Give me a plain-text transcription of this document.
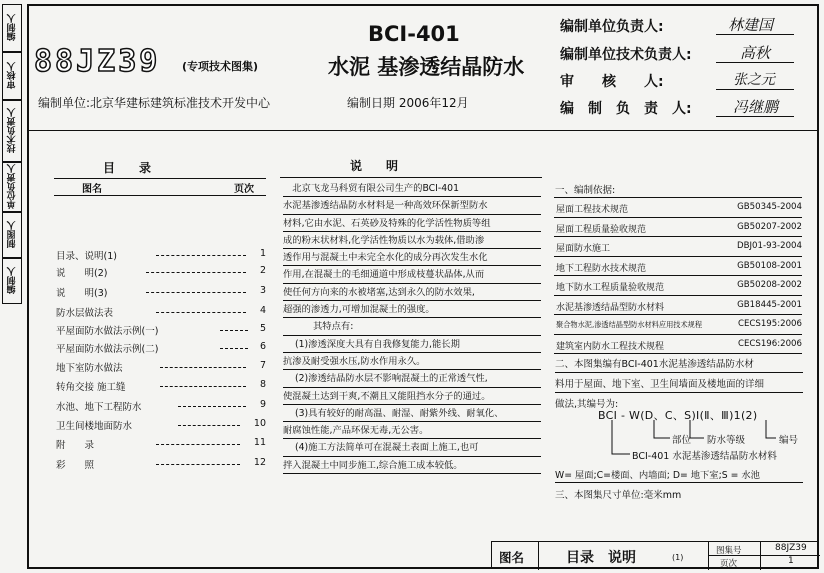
编制人
审核人
技术负责人
单位负责人
制图人
编制人
88JZ39 (专项技术图集)
BCⅠ-401
水泥 基渗透结晶防水
编制单位:北京华建标建筑标准技术开发中心	编制日期 2006年12月
编制单位负责人:	林建国
编制单位技术负责人:	高秋
审　　核　　人:	张之元
编　制　负　责　人:	冯继鹏
目　　录
图名	页次
目录、说明(1)	1
说　　明(2)	2
说　　明(3)	3
防水层做法表	4
平屋面防水做法示例(一)	5
平屋面防水做法示例(二)	6
地下室防水做法	7
转角交接 施工缝	8
水池、地下工程防水	9
卫生间楼地面防水	10
附　　录	11
彩　　照	12
说　　明
　北京飞龙马科贸有限公司生产的BCI-401
水泥基渗透结晶防水材料是一种高效环保新型防水
材料,它由水泥、石英砂及特殊的化学活性物质等组
成的粉末状材料,化学活性物质以水为载体,借助渗
透作用与混凝土中未完全水化的成分再次发生水化
作用,在混凝土的毛细通道中形成枝蔓状晶体,从而
使任何方向来的水被堵塞,达到永久的防水效果,
超强的渗透力,可增加混凝土的强度。
其特点有:
(1)渗透深度大具有自我修复能力,能长期
抗渗及耐受强水压,防水作用永久。
(2)渗透结晶防水层不影响混凝土的正常透气性,
使混凝土达到干爽,不潮且又能阻挡水分子的通过。
(3)具有较好的耐高温、耐湿、耐紫外线、耐氧化、
耐腐蚀性能,产品环保无毒,无公害。
(4)施工方法简单可在混凝土表面上施工,也可
拌入混凝土中同步施工,综合施工成本较低。
一、编制依据:
屋面工程技术规范	GB50345-2004
屋面工程质量验收规范	GB50207-2002
屋面防水施工	DBJ01-93-2004
地下工程防水技术规范	GB50108-2001
地下防水工程质量验收规范	GB50208-2002
水泥基渗透结晶型防水材料	GB18445-2001
聚合物水泥,渗透结晶型防水材料应用技术规程	CECS195:2006
建筑室内防水工程技术规程	CECS196:2006
二、本图集编有BCI-401水泥基渗透结晶防水材
料用于屋面、地下室、卫生间墙面及楼地面的详细
做法,其编号为:
BCI - W(D、C、S)Ⅰ(Ⅱ、Ⅲ)1(2)
部位 防水等级	编号
BCⅠ-401 水泥基渗透结晶防水材料
W= 屋面;C=楼面、内墙面; D= 地下室;S = 水池
三、本图集尺寸单位:毫米mm
图名	目录　说明	(1)
图集号	88JZ39
页次	1
